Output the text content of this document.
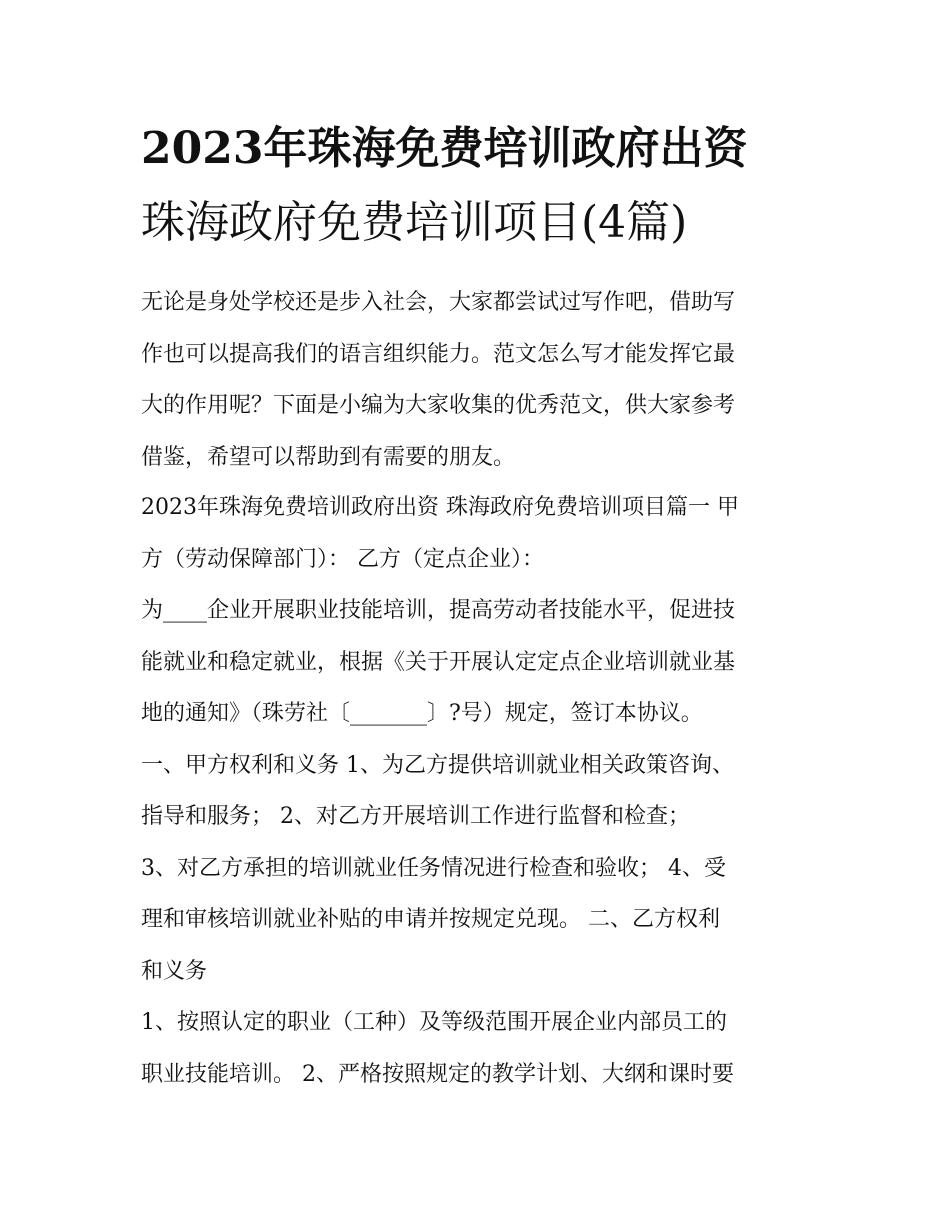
2023年珠海免费培训政府出资
珠海政府免费培训项目(4篇)
无论是身处学校还是步入社会，大家都尝试过写作吧，借助写
作也可以提高我们的语言组织能力。范文怎么写才能发挥它最
大的作用呢？下面是小编为大家收集的优秀范文，供大家参考
借鉴，希望可以帮助到有需要的朋友。
2023年珠海免费培训政府出资 珠海政府免费培训项目篇一 甲
方（劳动保障部门）： 乙方（定点企业）：
为____企业开展职业技能培训，提高劳动者技能水平，促进技
能就业和稳定就业，根据《关于开展认定定点企业培训就业基
地的通知》（珠劳社〔_______〕?号）规定，签订本协议。
一、甲方权利和义务 1、为乙方提供培训就业相关政策咨询、
指导和服务； 2、对乙方开展培训工作进行监督和检查；
3、对乙方承担的培训就业任务情况进行检查和验收； 4、受
理和审核培训就业补贴的申请并按规定兑现。 二、乙方权利
和义务
1、按照认定的职业（工种）及等级范围开展企业内部员工的
职业技能培训。 2、严格按照规定的教学计划、大纲和课时要
